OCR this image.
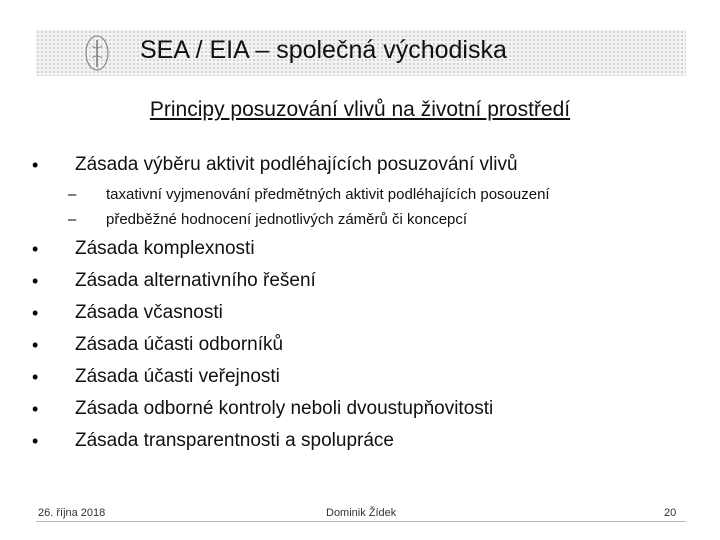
SEA / EIA – společná východiska
Principy posuzování vlivů na životní prostředí
• Zásada výběru aktivit podléhajících posuzování vlivů
– taxativní vyjmenování předmětných aktivit podléhajících posouzení
– předběžné hodnocení jednotlivých záměrů či koncepcí
• Zásada komplexnosti
• Zásada alternativního řešení
• Zásada včasnosti
• Zásada účasti odborníků
• Zásada účasti veřejnosti
• Zásada odborné kontroly neboli dvoustupňovitosti
• Zásada transparentnosti a spolupráce
26. října 2018	Dominik Žídek	20
